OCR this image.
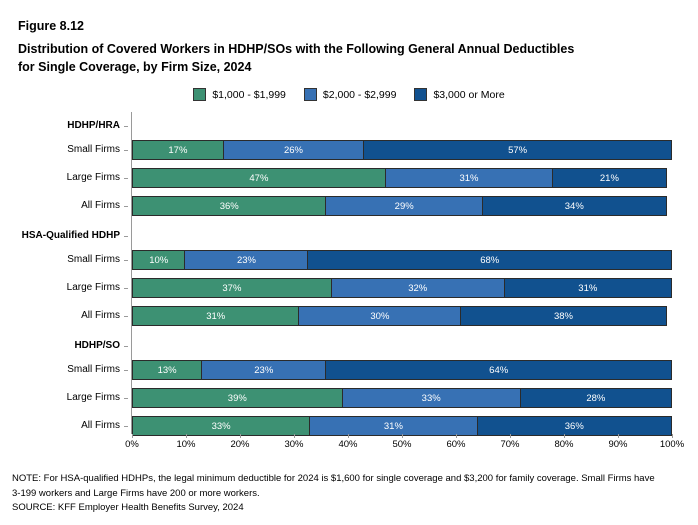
Figure 8.12
Distribution of Covered Workers in HDHP/SOs with the Following General Annual Deductibles
for Single Coverage, by Firm Size, 2024
$1,000 - $1,999	$2,000 - $2,999	$3,000 or More
HDHP/HRA
Small Firms
Large Firms
All Firms
HSA-Qualified HDHP
Small Firms
Large Firms
All Firms
HDHP/SO
Small Firms
Large Firms
All Firms
17%	26%	57%
47%	31%	21%
36%	29%	34%
10%	23%	68%
37%	32%	31%
31%	30%	38%
13%	23%	64%
39%	33%	28%
33%	31%	36%
0%	10%	20%	30%	40%	50%	60%	70%	80%	90%	100%
NOTE: For HSA-qualified HDHPs, the legal minimum deductible for 2024 is $1,600 for single coverage and $3,200 for family coverage. Small Firms have
3-199 workers and Large Firms have 200 or more workers.
SOURCE: KFF Employer Health Benefits Survey, 2024
